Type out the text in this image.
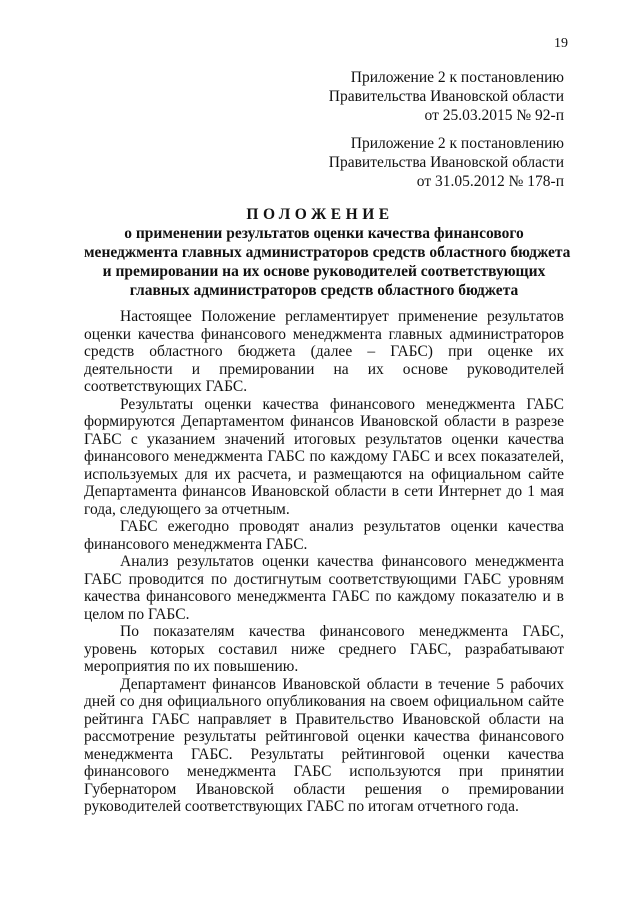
19
Приложение 2 к постановлению
Правительства Ивановской области
от 25.03.2015 № 92-п
Приложение 2 к постановлению
Правительства Ивановской области
от 31.05.2012 № 178-п
ПОЛОЖЕНИЕ
о применении результатов оценки качества финансового
менеджмента главных администраторов средств областного бюджета
и премировании на их основе руководителей соответствующих
главных администраторов средств областного бюджета

Настоящее Положение регламентирует применение результатов оценки качества финансового менеджмента главных администраторов средств областного бюджета (далее – ГАБС) при оценке их деятельности и премировании на их основе руководителей соответствующих ГАБС.

Результаты оценки качества финансового менеджмента ГАБС формируются Департаментом финансов Ивановской области в разрезе ГАБС с указанием значений итоговых результатов оценки качества финансового менеджмента ГАБС по каждому ГАБС и всех показателей, используемых для их расчета, и размещаются на официальном сайте Департамента финансов Ивановской области в сети Интернет до 1 мая года, следующего за отчетным.

ГАБС ежегодно проводят анализ результатов оценки качества финансового менеджмента ГАБС.

Анализ результатов оценки качества финансового менеджмента ГАБС проводится по достигнутым соответствующими ГАБС уровням качества финансового менеджмента ГАБС по каждому показателю и в целом по ГАБС.

По показателям качества финансового менеджмента ГАБС, уровень которых составил ниже среднего ГАБС, разрабатывают мероприятия по их повышению.

Департамент финансов Ивановской области в течение 5 рабочих дней со дня официального опубликования на своем официальном сайте рейтинга ГАБС направляет в Правительство Ивановской области на рассмотрение результаты рейтинговой оценки качества финансового менеджмента ГАБС. Результаты рейтинговой оценки качества финансового менеджмента ГАБС используются при принятии Губернатором Ивановской области решения о премировании руководителей соответствующих ГАБС по итогам отчетного года.
